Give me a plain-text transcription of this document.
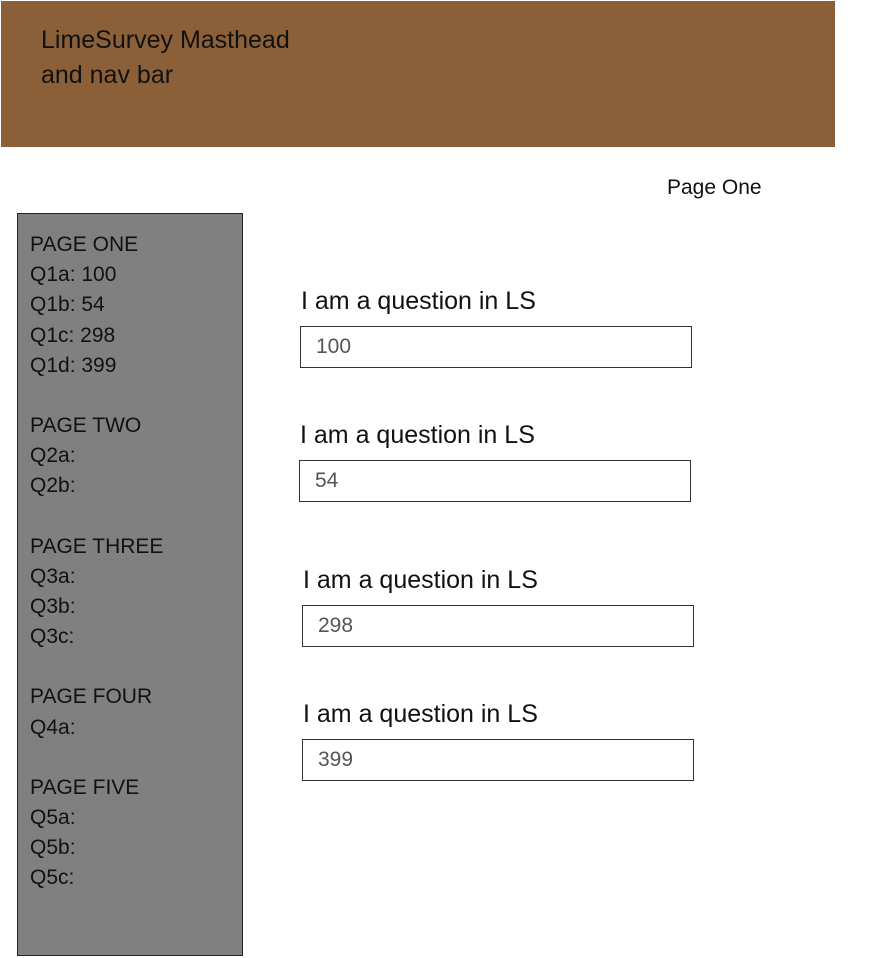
LimeSurvey Masthead
and nav bar
Page One
PAGE ONE
Q1a: 100
Q1b: 54
Q1c: 298
Q1d: 399
PAGE TWO
Q2a:
Q2b:
PAGE THREE
Q3a:
Q3b:
Q3c:
PAGE FOUR
Q4a:
PAGE FIVE
Q5a:
Q5b:
Q5c:
I am a question in LS
100
I am a question in LS
54
I am a question in LS
298
I am a question in LS
399
